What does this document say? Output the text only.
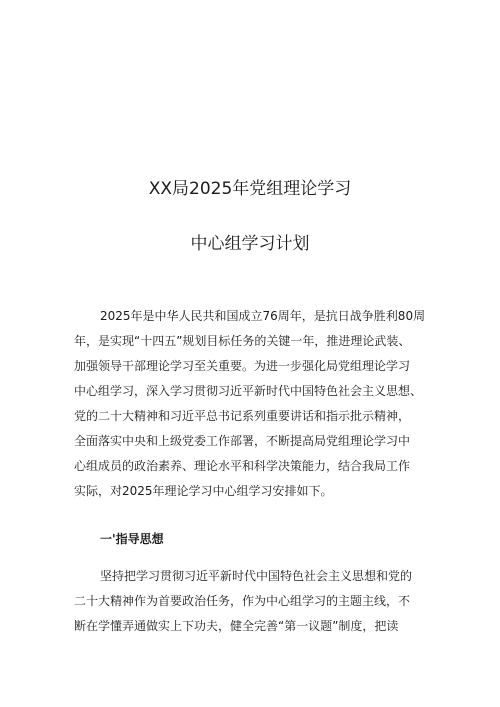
XX局2025年党组理论学习
中心组学习计划
2025年是中华人民共和国成立76周年，是抗日战争胜利80周
年，是实现“十四五”规划目标任务的关键一年，推进理论武装、
加强领导干部理论学习至关重要。为进一步强化局党组理论学习
中心组学习，深入学习贯彻习近平新时代中国特色社会主义思想、
党的二十大精神和习近平总书记系列重要讲话和指示批示精神，
全面落实中央和上级党委工作部署，不断提高局党组理论学习中
心组成员的政治素养、理论水平和科学决策能力，结合我局工作
实际，对2025年理论学习中心组学习安排如下。
一'指导思想
坚持把学习贯彻习近平新时代中国特色社会主义思想和党的
二十大精神作为首要政治任务，作为中心组学习的主题主线，不
断在学懂弄通做实上下功夫，健全完善“第一议题”制度，把读
